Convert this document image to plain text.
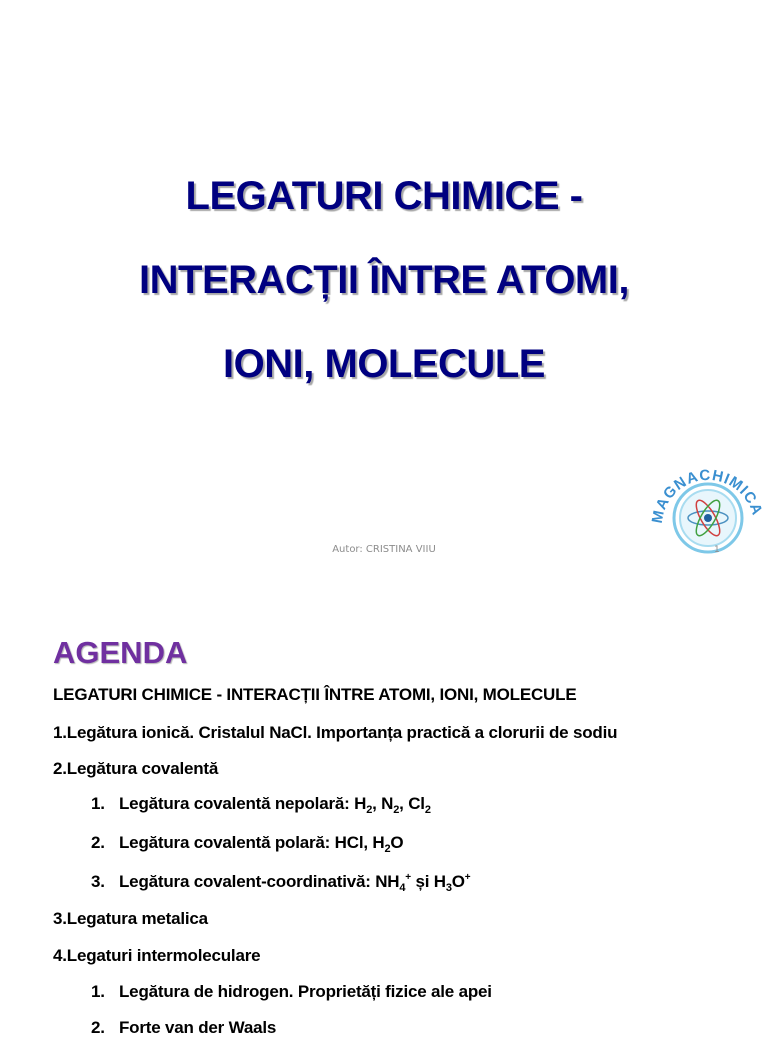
LEGATURI CHIMICE -
INTERACȚII ÎNTRE ATOMI,
IONI, MOLECULE
MAGNACHIMICA
Autor: CRISTINA VIIU	1
AGENDA
LEGATURI CHIMICE - INTERACȚII ÎNTRE ATOMI, IONI, MOLECULE
1.Legătura ionică. Cristalul NaCl. Importanța practică a clorurii de sodiu
2.Legătura covalentă
1. Legătura covalentă nepolară: $H_2$, $N_2$, $Cl_2$
2. Legătura covalentă polară: HCl, $H_2O$
3. Legătura covalent-coordinativă: $NH_4^+$ și $H_3O^+$
3.Legatura metalica
4.Legaturi intermoleculare
1. Legătura de hidrogen. Proprietăți fizice ale apei
2. Forte van der Waals
